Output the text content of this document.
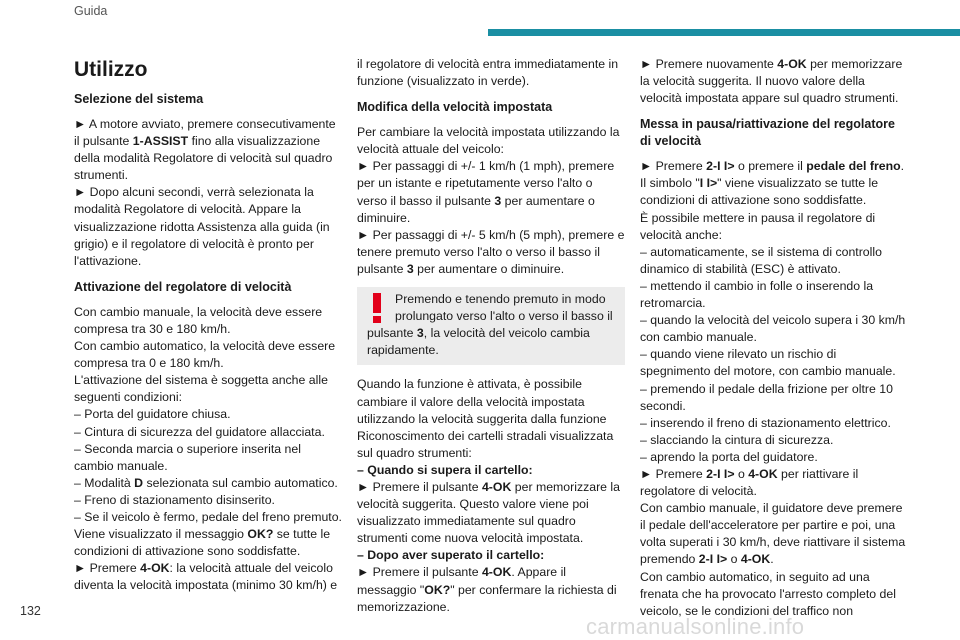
Guida
Utilizzo
Selezione del sistema

► A motore avviato, premere consecutivamente il pulsante 1-ASSIST fino alla visualizzazione della modalità Regolatore di velocità sul quadro strumenti.

► Dopo alcuni secondi, verrà selezionata la modalità Regolatore di velocità. Appare la visualizzazione ridotta Assistenza alla guida (in grigio) e il regolatore di velocità è pronto per l'attivazione.

Attivazione del regolatore di velocità

Con cambio manuale, la velocità deve essere compresa tra 30 e 180 km/h.

Con cambio automatico, la velocità deve essere compresa tra 0 e 180 km/h.

L'attivazione del sistema è soggetta anche alle seguenti condizioni:

– Porta del guidatore chiusa.

– Cintura di sicurezza del guidatore allacciata.

– Seconda marcia o superiore inserita nel cambio manuale.

– Modalità D selezionata sul cambio automatico.

– Freno di stazionamento disinserito.

– Se il veicolo è fermo, pedale del freno premuto.

Viene visualizzato il messaggio OK? se tutte le condizioni di attivazione sono soddisfatte.

► Premere 4-OK: la velocità attuale del veicolo diventa la velocità impostata (minimo 30 km/h) e

il regolatore di velocità entra immediatamente in funzione (visualizzato in verde).

Modifica della velocità impostata

Per cambiare la velocità impostata utilizzando la velocità attuale del veicolo:

► Per passaggi di +/- 1 km/h (1 mph), premere per un istante e ripetutamente verso l'alto o verso il basso il pulsante 3 per aumentare o diminuire.

► Per passaggi di +/- 5 km/h (5 mph), premere e tenere premuto verso l'alto o verso il basso il pulsante 3 per aumentare o diminuire.

Premendo e tenendo premuto in modo prolungato verso l'alto o verso il basso il pulsante 3, la velocità del veicolo cambia rapidamente.

Quando la funzione è attivata, è possibile cambiare il valore della velocità impostata utilizzando la velocità suggerita dalla funzione Riconoscimento dei cartelli stradali visualizzata sul quadro strumenti:

– Quando si supera il cartello:

► Premere il pulsante 4-OK per memorizzare la velocità suggerita. Questo valore viene poi visualizzato immediatamente sul quadro strumenti come nuova velocità impostata.

– Dopo aver superato il cartello:

► Premere il pulsante 4-OK. Appare il messaggio "OK?" per confermare la richiesta di memorizzazione.

► Premere nuovamente 4-OK per memorizzare la velocità suggerita. Il nuovo valore della velocità impostata appare sul quadro strumenti.

Messa in pausa/riattivazione del regolatore di velocità

► Premere 2-I I> o premere il pedale del freno.

Il simbolo "I I>" viene visualizzato se tutte le condizioni di attivazione sono soddisfatte.

È possibile mettere in pausa il regolatore di velocità anche:

– automaticamente, se il sistema di controllo dinamico di stabilità (ESC) è attivato.

– mettendo il cambio in folle o inserendo la retromarcia.

– quando la velocità del veicolo supera i 30 km/h con cambio manuale.

– quando viene rilevato un rischio di spegnimento del motore, con cambio manuale.

– premendo il pedale della frizione per oltre 10 secondi.

– inserendo il freno di stazionamento elettrico.

– slacciando la cintura di sicurezza.

– aprendo la porta del guidatore.

► Premere 2-I I> o 4-OK per riattivare il regolatore di velocità.

Con cambio manuale, il guidatore deve premere il pedale dell'acceleratore per partire e poi, una volta superati i 30 km/h, deve riattivare il sistema premendo 2-I I> o 4-OK.

Con cambio automatico, in seguito ad una frenata che ha provocato l'arresto completo del veicolo, se le condizioni del traffico non

132
carmanualsonline.info
